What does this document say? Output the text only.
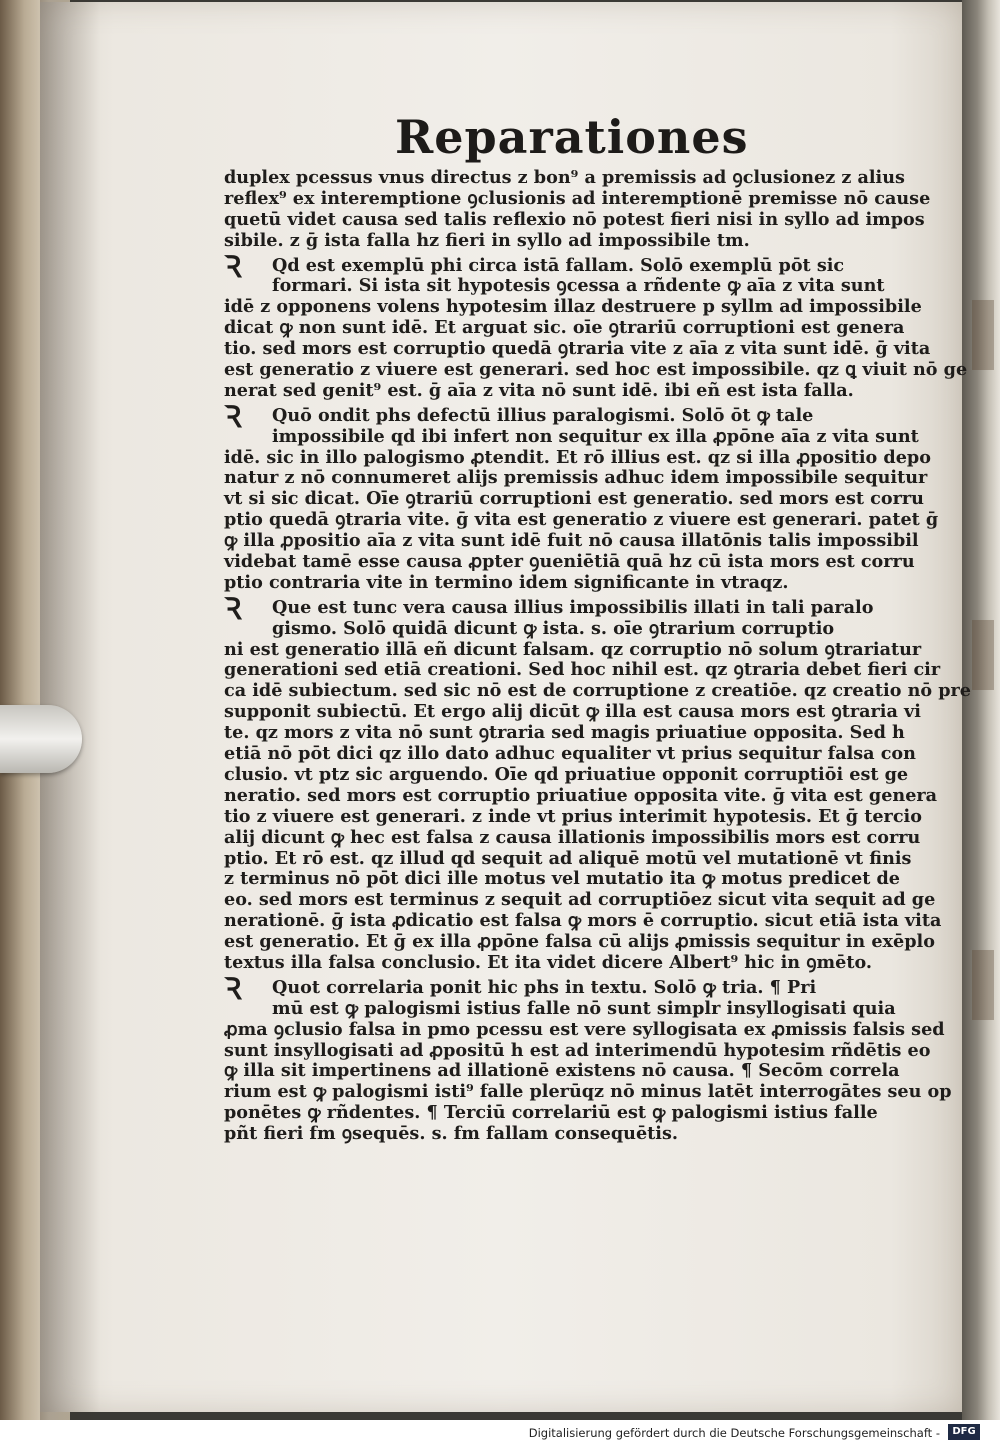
Reparationes
duplex pcessus vnus directus z bon⁹ a premissis ad ꝯclusionez z alius
reflex⁹ ex interemptione ꝯclusionis ad interemptionē premisse nō cause
quetū videt causa sed talis reflexio nō potest fieri nisi in syllo ad impos
sibile. z ḡ ista falla hz fieri in syllo ad impossibile tm.
Ꝛ Qd est exemplū phi circa istā fallam. Solō exemplū pōt sic
formari. Si ista sit hypotesis ꝯcessa a rñdente ꝙ aīa z vita sunt
idē z opponens volens hypotesim illaz destruere p syllm ad impossibile
dicat ꝙ non sunt idē. Et arguat sic. oīe ꝯtrariū corruptioni est genera
tio. sed mors est corruptio quedā ꝯtraria vite z aīa z vita sunt idē. ḡ vita
est generatio z viuere est generari. sed hoc est impossibile. qz ꝗ viuit nō ge
nerat sed genit⁹ est. ḡ aīa z vita nō sunt idē. ibi eñ est ista falla.
Ꝛ Quō ondit phs defectū illius paralogismi. Solō ōt ꝙ tale
impossibile qd ibi infert non sequitur ex illa ꝓpōne aīa z vita sunt
idē. sic in illo palogismo ꝓtendit. Et rō illius est. qz si illa ꝓpositio depo
natur z nō connumeret alijs premissis adhuc idem impossibile sequitur
vt si sic dicat. Oīe ꝯtrariū corruptioni est generatio. sed mors est corru
ptio quedā ꝯtraria vite. ḡ vita est generatio z viuere est generari. patet ḡ
ꝙ illa ꝓpositio aīa z vita sunt idē fuit nō causa illatōnis talis impossibil
videbat tamē esse causa ꝓpter ꝯueniētiā quā hz cū ista mors est corru
ptio contraria vite in termino idem significante in vtraqz.
Ꝛ Que est tunc vera causa illius impossibilis illati in tali paralo
gismo. Solō quidā dicunt ꝙ ista. s. oīe ꝯtrarium corruptio
ni est generatio illā eñ dicunt falsam. qz corruptio nō solum ꝯtrariatur
generationi sed etiā creationi. Sed hoc nihil est. qz ꝯtraria debet fieri cir
ca idē subiectum. sed sic nō est de corruptione z creatiōe. qz creatio nō pre
supponit subiectū. Et ergo alij dicūt ꝙ illa est causa mors est ꝯtraria vi
te. qz mors z vita nō sunt ꝯtraria sed magis priuatiue opposita. Sed h
etiā nō pōt dici qz illo dato adhuc equaliter vt prius sequitur falsa con
clusio. vt ptz sic arguendo. Oīe qd priuatiue opponit corruptiōi est ge
neratio. sed mors est corruptio priuatiue opposita vite. ḡ vita est genera
tio z viuere est generari. z inde vt prius interimit hypotesis. Et ḡ tercio
alij dicunt ꝙ hec est falsa z causa illationis impossibilis mors est corru
ptio. Et rō est. qz illud qd sequit ad aliquē motū vel mutationē vt finis
z terminus nō pōt dici ille motus vel mutatio ita ꝙ motus predicet de
eo. sed mors est terminus z sequit ad corruptiōez sicut vita sequit ad ge
nerationē. ḡ ista ꝓdicatio est falsa ꝙ mors ē corruptio. sicut etiā ista vita
est generatio. Et ḡ ex illa ꝓpōne falsa cū alijs ꝓmissis sequitur in exēplo
textus illa falsa conclusio. Et ita videt dicere Albert⁹ hic in ꝯmēto.
Ꝛ Quot correlaria ponit hic phs in textu. Solō ꝙ tria. ¶ Pri
mū est ꝙ palogismi istius falle nō sunt simplr insyllogisati quia
ꝓma ꝯclusio falsa in pmo pcessu est vere syllogisata ex ꝓmissis falsis sed
sunt insyllogisati ad ꝓpositū h est ad interimendū hypotesim rñdētis eo
ꝙ illa sit impertinens ad illationē existens nō causa. ¶ Secōm correla
rium est ꝙ palogismi isti⁹ falle plerūqz nō minus latēt interrogātes seu op
ponētes ꝙ rñdentes. ¶ Terciū correlariū est ꝙ palogismi istius falle
pñt fieri fm ꝯsequēs. s. fm fallam consequētis.
Digitalisierung gefördert durch die Deutsche Forschungsgemeinschaft -	DFG
